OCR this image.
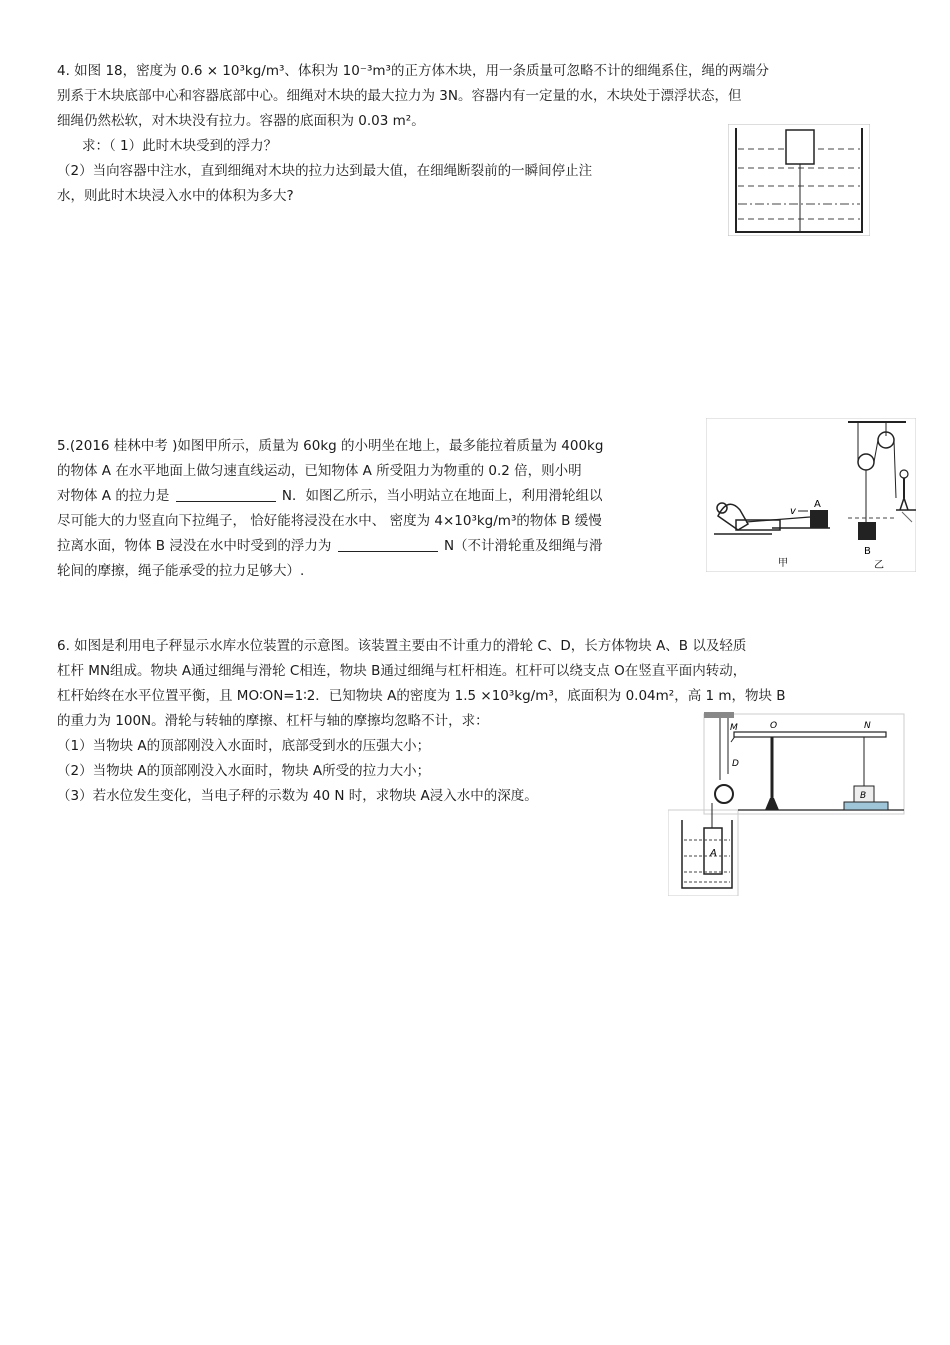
4. 如图 18，密度为 0.6 × 10³kg/m³、体积为 10⁻³m³的正方体木块，用一条质量可忽略不计的细绳系住，绳的两端分
别系于木块底部中心和容器底部中心。细绳对木块的最大拉力为 3N。容器内有一定量的水，木块处于漂浮状态，但
细绳仍然松软，对木块没有拉力。容器的底面积为 0.03 m²。
求：（ 1）此时木块受到的浮力？
（2）当向容器中注水，直到细绳对木块的拉力达到最大值，在细绳断裂前的一瞬间停止注
水，则此时木块浸入水中的体积为多大?
5.(2016 桂林中考 )如图甲所示，质量为 60kg 的小明坐在地上，最多能拉着质量为 400kg
的物体 A 在水平地面上做匀速直线运动，已知物体 A 所受阻力为物重的 0.2 倍，则小明
对物体 A 的拉力是	N．如图乙所示，当小明站立在地面上，利用滑轮组以
尽可能大的力竖直向下拉绳子， 恰好能将浸没在水中、 密度为 4×10³kg/m³的物体 B 缓慢
拉离水面，物体 B 浸没在水中时受到的浮力为	N（不计滑轮重及细绳与滑
轮间的摩擦，绳子能承受的拉力足够大）.
A
v
甲
B
乙
6. 如图是利用电子秤显示水库水位装置的示意图。该装置主要由不计重力的滑轮 C、D，长方体物块 A、B 以及轻质
杠杆 MN组成。物块 A通过细绳与滑轮 C相连，物块 B通过细绳与杠杆相连。杠杆可以绕支点 O在竖直平面内转动，
杠杆始终在水平位置平衡，且 MO∶ON=1∶2．已知物块 A的密度为 1.5 ×10³kg/m³，底面积为 0.04m²，高 1 m，物块 B
的重力为 100N。滑轮与转轴的摩擦、杠杆与轴的摩擦均忽略不计，求：
（1）当物块 A的顶部刚没入水面时，底部受到水的压强大小；
（2）当物块 A的顶部刚没入水面时，物块 A所受的拉力大小；
（3）若水位发生变化，当电子秤的示数为 40 N 时，求物块 A浸入水中的深度。
M	O	N
D
B
A
